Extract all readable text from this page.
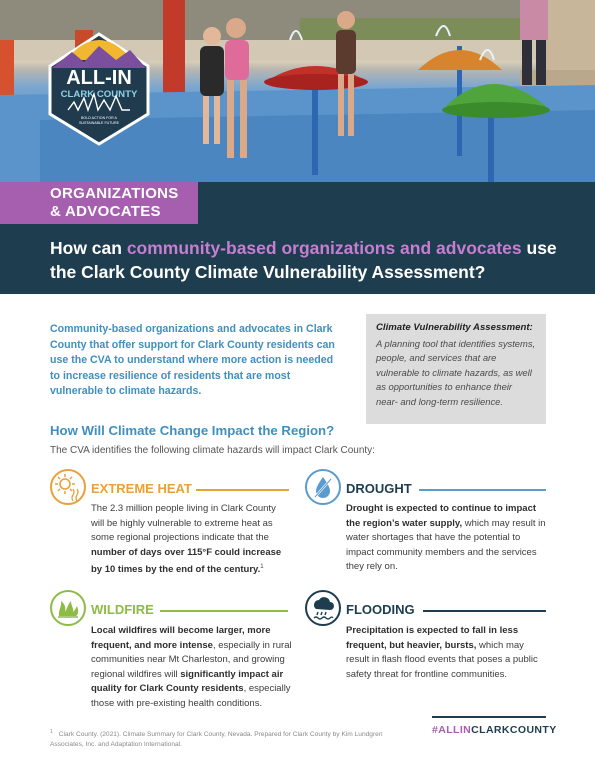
ALL-IN
CLARK COUNTY
BOLD ACTION FOR A
SUSTAINABLE FUTURE
ORGANIZATIONS
& ADVOCATES
How can community-based organizations and advocates use the Clark County Climate Vulnerability Assessment?

Community-based organizations and advocates in Clark County that offer support for Clark County residents can use the CVA to understand where more action is needed to increase resilience of residents that are most vulnerable to climate hazards.

Climate Vulnerability Assessment:
A planning tool that identifies systems, people, and services that are vulnerable to climate hazards, as well as opportunities to enhance their near- and long-term resilience.
How Will Climate Change Impact the Region?
The CVA identifies the following climate hazards will impact Clark County:
EXTREME HEAT
The 2.3 million people living in Clark County will be highly vulnerable to extreme heat as some regional projections indicate that the number of days over 115°F could increase by 10 times by the end of the century.$^1$
DROUGHT
Drought is expected to continue to impact the region’s water supply, which may result in water shortages that have the potential to impact community members and the services they rely on.
WILDFIRE
Local wildfires will become larger, more frequent, and more intense, especially in rural communities near Mt Charleston, and growing regional wildfires will significantly impact air quality for Clark County residents, especially those with pre-existing health conditions.
FLOODING
Precipitation is expected to fall in less frequent, but heavier, bursts, which may result in flash flood events that poses a public safety threat for frontline communities.
$^1$ Clark County. (2021). Climate Summary for Clark County, Nevada. Prepared for Clark County by Kim Lundgren Associates, Inc. and Adaptation International.
#ALLINCLARKCOUNTY
